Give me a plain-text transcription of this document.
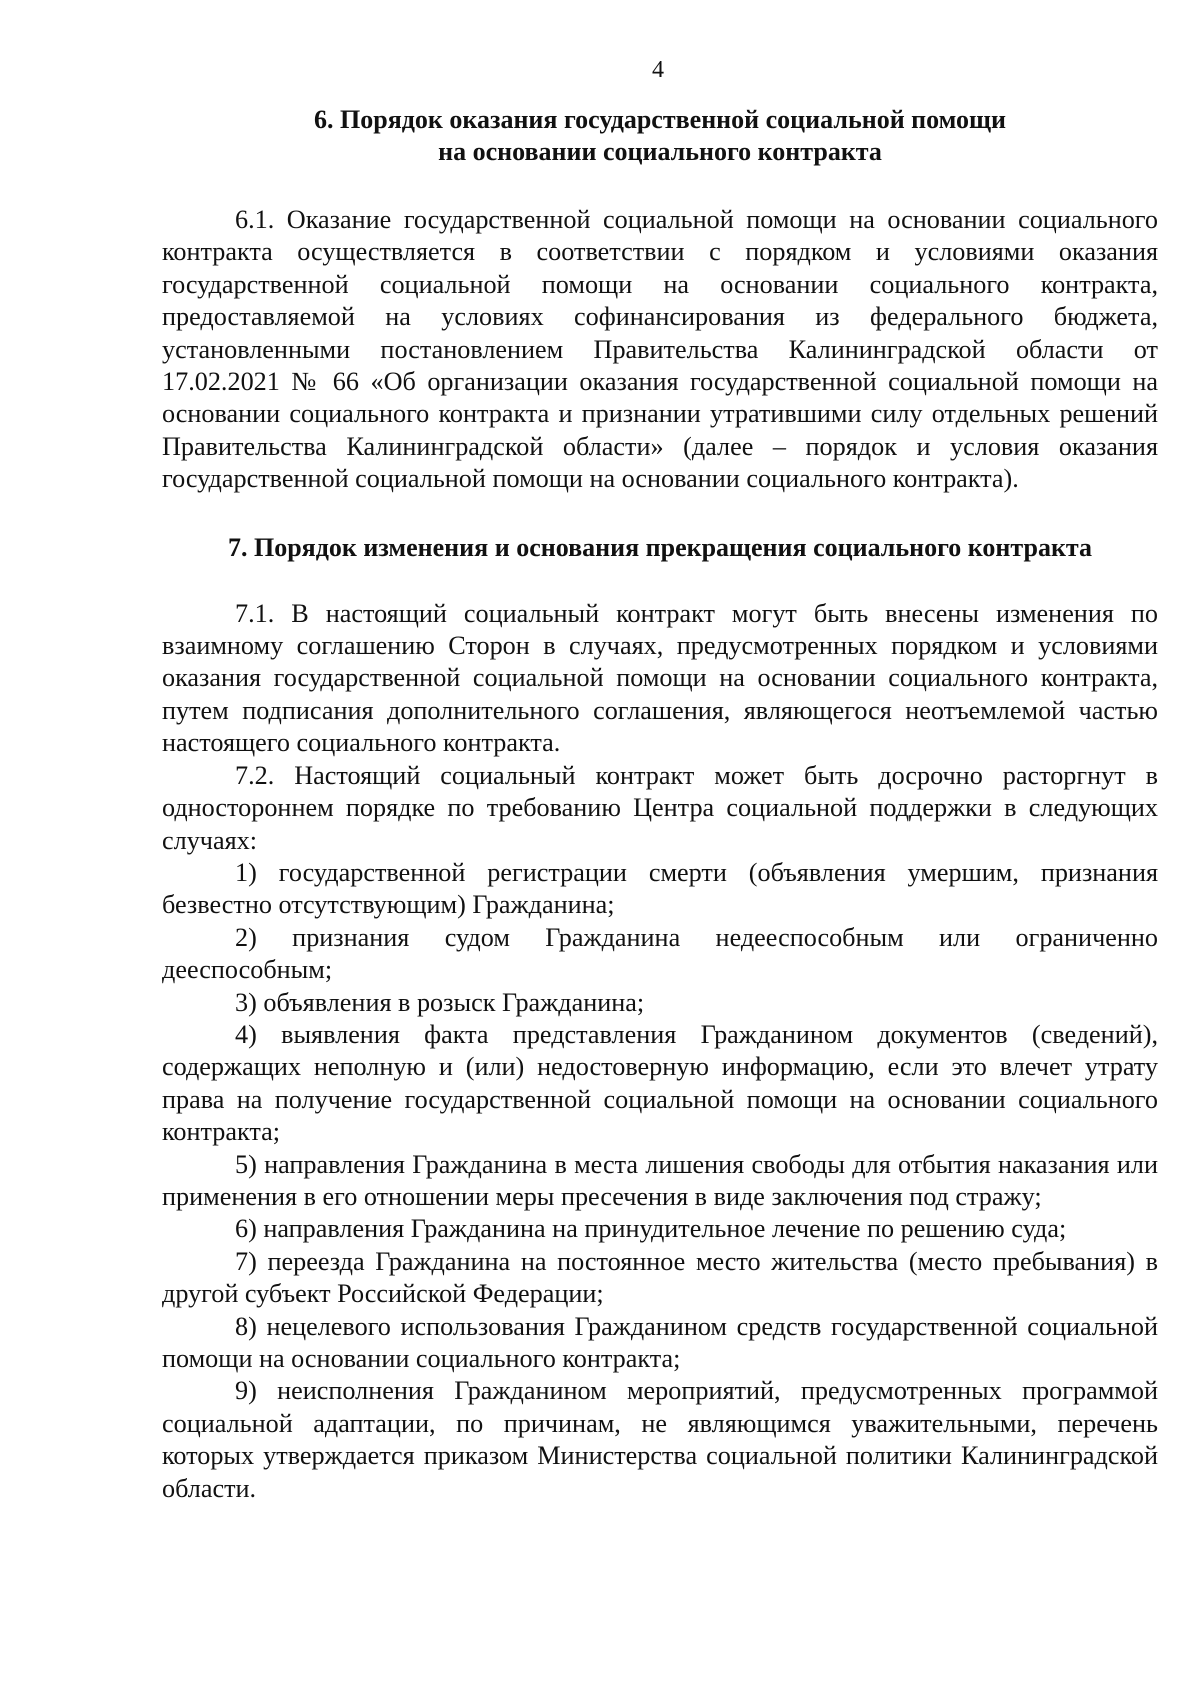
4
6. Порядок оказания государственной социальной помощи
на основании социального контракта

6.1. Оказание государственной социальной помощи на основании социального контракта осуществляется в соответствии с порядком и условиями оказания государственной социальной помощи на основании социального контракта, предоставляемой на условиях софинансирования из федерального бюджета, установленными постановлением Правительства Калининградской области от 17.02.2021 № 66 «Об организации оказания государственной социальной помощи на основании социального контракта и признании утратившими силу отдельных решений Правительства Калининградской области» (далее – порядок и условия оказания государственной социальной помощи на основании социального контракта).

7. Порядок изменения и основания прекращения социального контракта

7.1. В настоящий социальный контракт могут быть внесены изменения по взаимному соглашению Сторон в случаях, предусмотренных порядком и условиями оказания государственной социальной помощи на основании социального контракта, путем подписания дополнительного соглашения, являющегося неотъемлемой частью настоящего социального контракта.

7.2. Настоящий социальный контракт может быть досрочно расторгнут в одностороннем порядке по требованию Центра социальной поддержки в следующих случаях:

1) государственной регистрации смерти (объявления умершим, признания безвестно отсутствующим) Гражданина;

2) признания судом Гражданина недееспособным или ограниченно дееспособным;

3) объявления в розыск Гражданина;

4) выявления факта представления Гражданином документов (сведений), содержащих неполную и (или) недостоверную информацию, если это влечет утрату права на получение государственной социальной помощи на основании социального контракта;

5) направления Гражданина в места лишения свободы для отбытия наказания или применения в его отношении меры пресечения в виде заключения под стражу;

6) направления Гражданина на принудительное лечение по решению суда;

7) переезда Гражданина на постоянное место жительства (место пребывания) в другой субъект Российской Федерации;

8) нецелевого использования Гражданином средств государственной социальной помощи на основании социального контракта;

9) неисполнения Гражданином мероприятий, предусмотренных программой социальной адаптации, по причинам, не являющимся уважительными, перечень которых утверждается приказом Министерства социальной политики Калининградской области.
